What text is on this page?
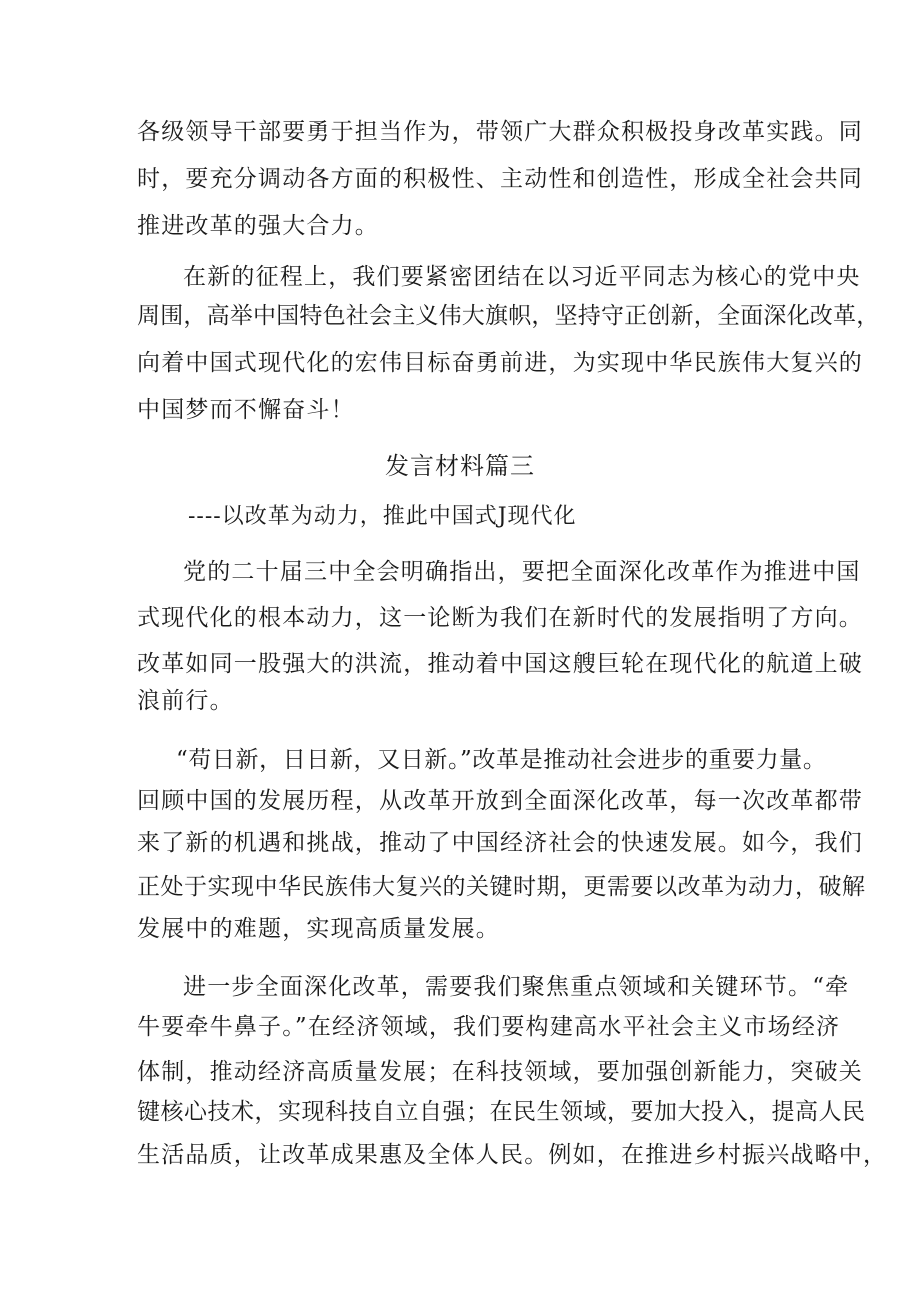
各级领导干部要勇于担当作为，带领广大群众积极投身改革实践。同
时，要充分调动各方面的积极性、主动性和创造性，形成全社会共同
推进改革的强大合力。
在新的征程上，我们要紧密团结在以习近平同志为核心的党中央
周围，高举中国特色社会主义伟大旗帜，坚持守正创新，全面深化改革，
向着中国式现代化的宏伟目标奋勇前进，为实现中华民族伟大复兴的
中国梦而不懈奋斗！
发言材料篇三
----以改革为动力，推此中国式J现代化
党的二十届三中全会明确指出，要把全面深化改革作为推进中国
式现代化的根本动力，这一论断为我们在新时代的发展指明了方向。
改革如同一股强大的洪流，推动着中国这艘巨轮在现代化的航道上破
浪前行。
“苟日新，日日新，又日新。”改革是推动社会进步的重要力量。
回顾中国的发展历程，从改革开放到全面深化改革，每一次改革都带
来了新的机遇和挑战，推动了中国经济社会的快速发展。如今，我们
正处于实现中华民族伟大复兴的关键时期，更需要以改革为动力，破解
发展中的难题，实现高质量发展。
进一步全面深化改革，需要我们聚焦重点领域和关键环节。“牵
牛要牵牛鼻子。”在经济领域，我们要构建高水平社会主义市场经济
体制，推动经济高质量发展；在科技领域，要加强创新能力，突破关
键核心技术，实现科技自立自强；在民生领域，要加大投入，提高人民
生活品质，让改革成果惠及全体人民。例如，在推进乡村振兴战略中，
